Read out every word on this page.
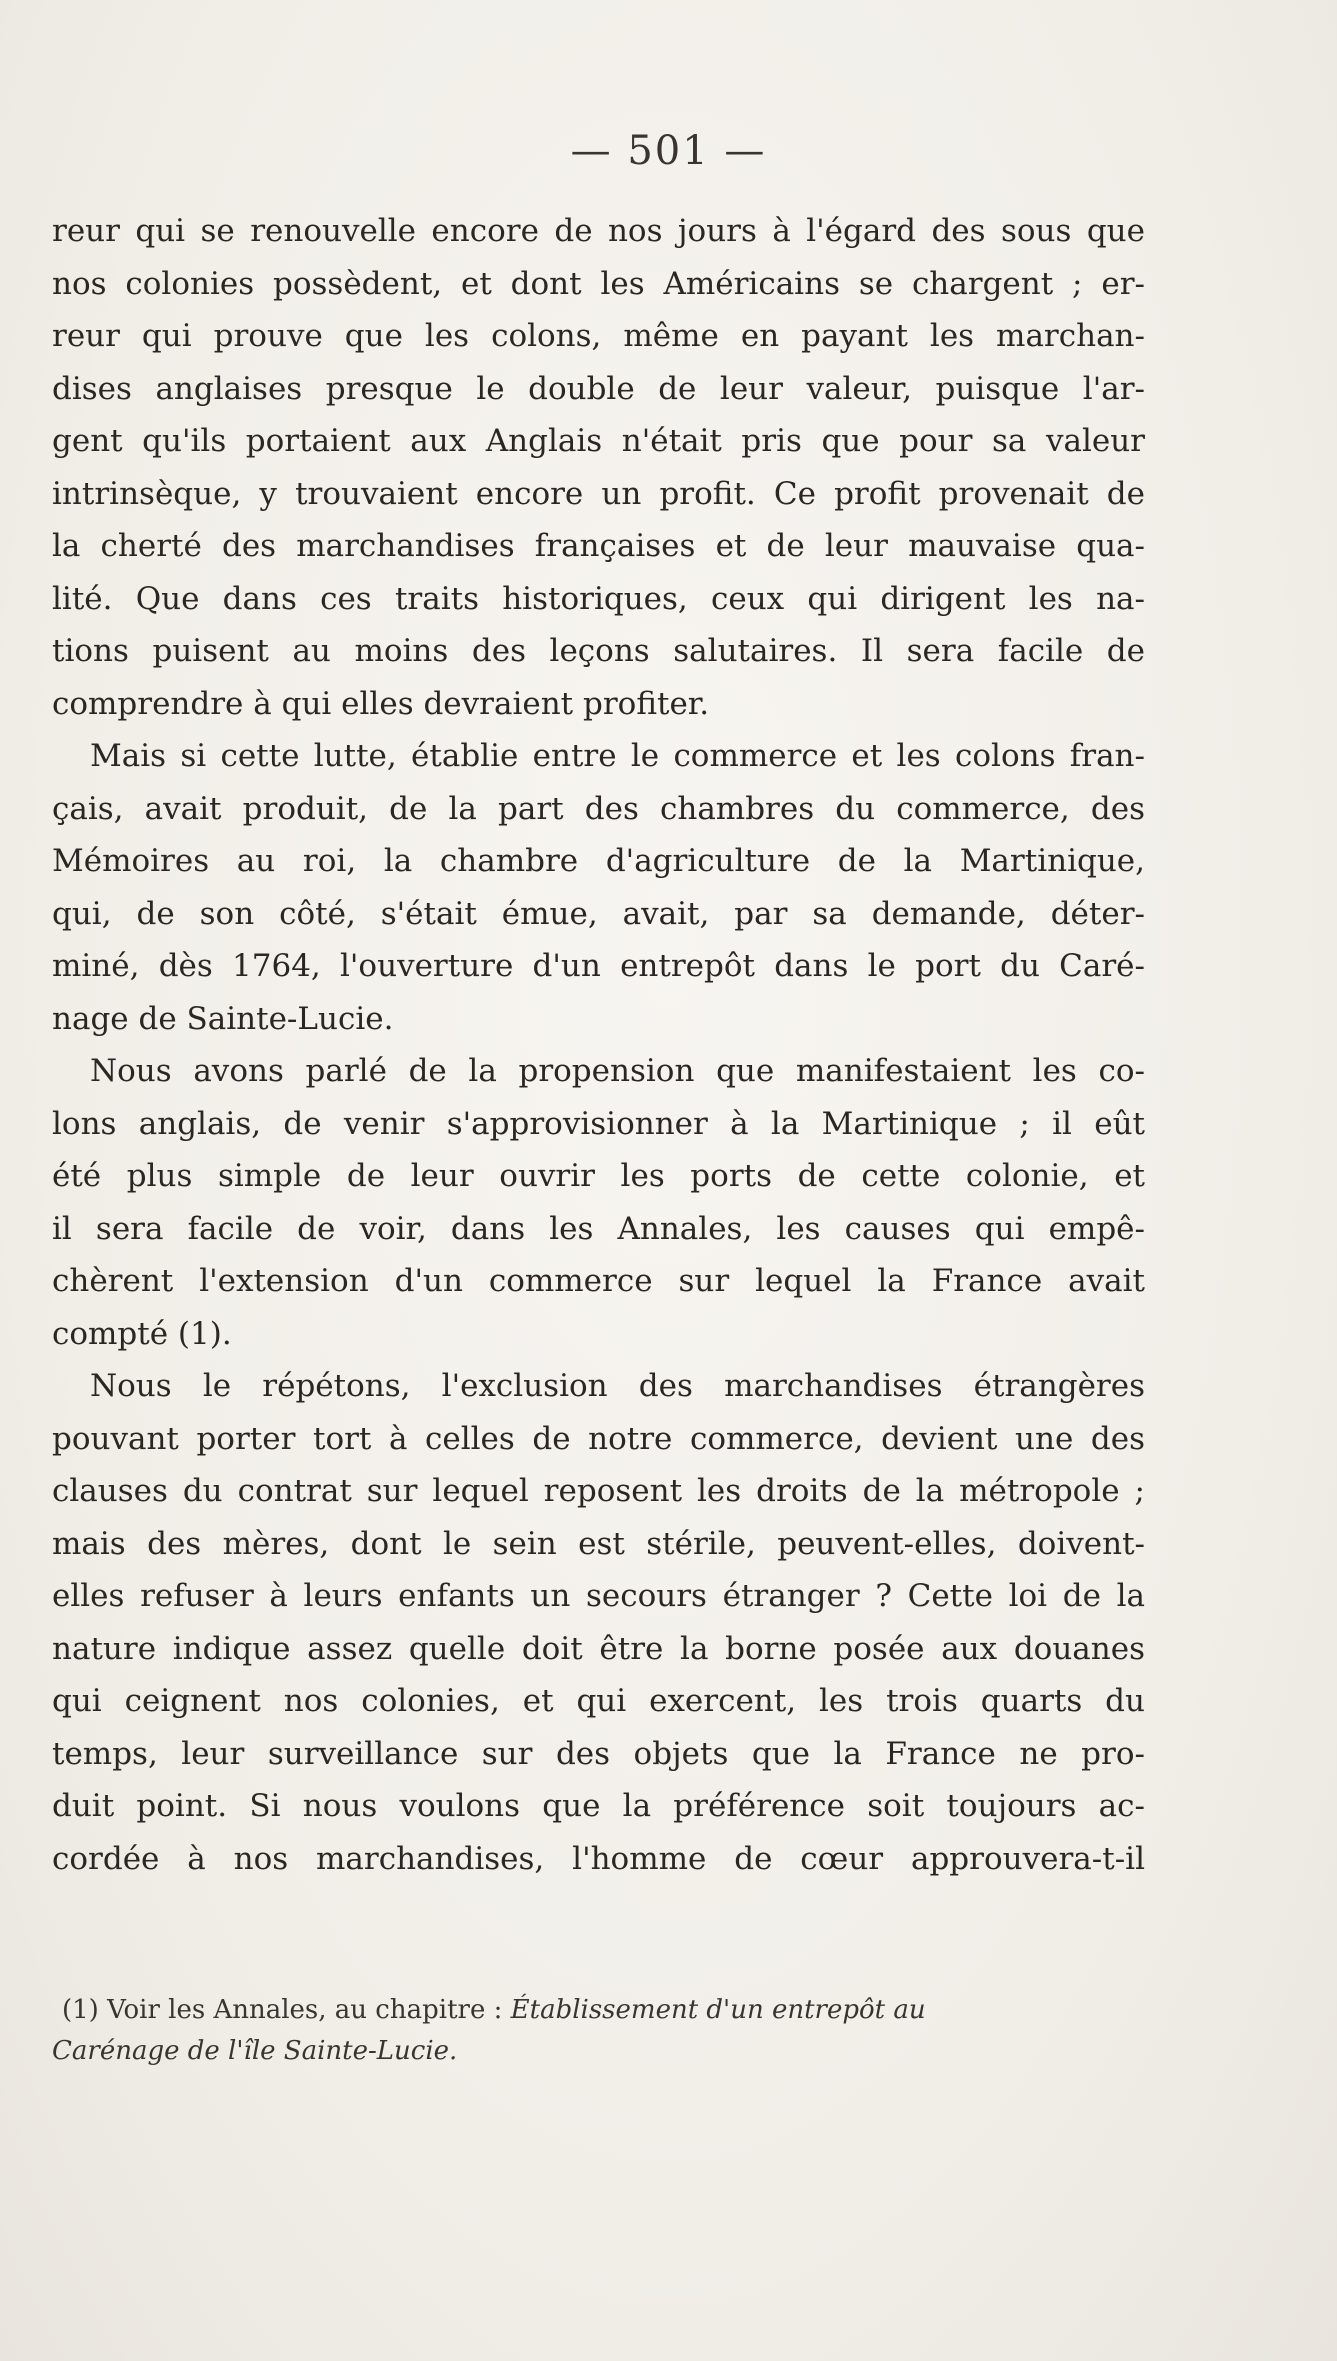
— 501 —
reur qui se renouvelle encore de nos jours à l'égard des sous que
nos colonies possèdent, et dont les Américains se chargent ; er-
reur qui prouve que les colons, même en payant les marchan-
dises anglaises presque le double de leur valeur, puisque l'ar-
gent qu'ils portaient aux Anglais n'était pris que pour sa valeur
intrinsèque, y trouvaient encore un profit. Ce profit provenait de
la cherté des marchandises françaises et de leur mauvaise qua-
lité. Que dans ces traits historiques, ceux qui dirigent les na-
tions puisent au moins des leçons salutaires. Il sera facile de
comprendre à qui elles devraient profiter.
Mais si cette lutte, établie entre le commerce et les colons fran-
çais, avait produit, de la part des chambres du commerce, des
Mémoires au roi, la chambre d'agriculture de la Martinique,
qui, de son côté, s'était émue, avait, par sa demande, déter-
miné, dès 1764, l'ouverture d'un entrepôt dans le port du Caré-
nage de Sainte-Lucie.
Nous avons parlé de la propension que manifestaient les co-
lons anglais, de venir s'approvisionner à la Martinique ; il eût
été plus simple de leur ouvrir les ports de cette colonie, et
il sera facile de voir, dans les Annales, les causes qui empê-
chèrent l'extension d'un commerce sur lequel la France avait
compté (1).
Nous le répétons, l'exclusion des marchandises étrangères
pouvant porter tort à celles de notre commerce, devient une des
clauses du contrat sur lequel reposent les droits de la métropole ;
mais des mères, dont le sein est stérile, peuvent-elles, doivent-
elles refuser à leurs enfants un secours étranger ? Cette loi de la
nature indique assez quelle doit être la borne posée aux douanes
qui ceignent nos colonies, et qui exercent, les trois quarts du
temps, leur surveillance sur des objets que la France ne pro-
duit point. Si nous voulons que la préférence soit toujours ac-
cordée à nos marchandises, l'homme de cœur approuvera-t-il
(1) Voir les Annales, au chapitre : Établissement d'un entrepôt au
Carénage de l'île Sainte-Lucie.
